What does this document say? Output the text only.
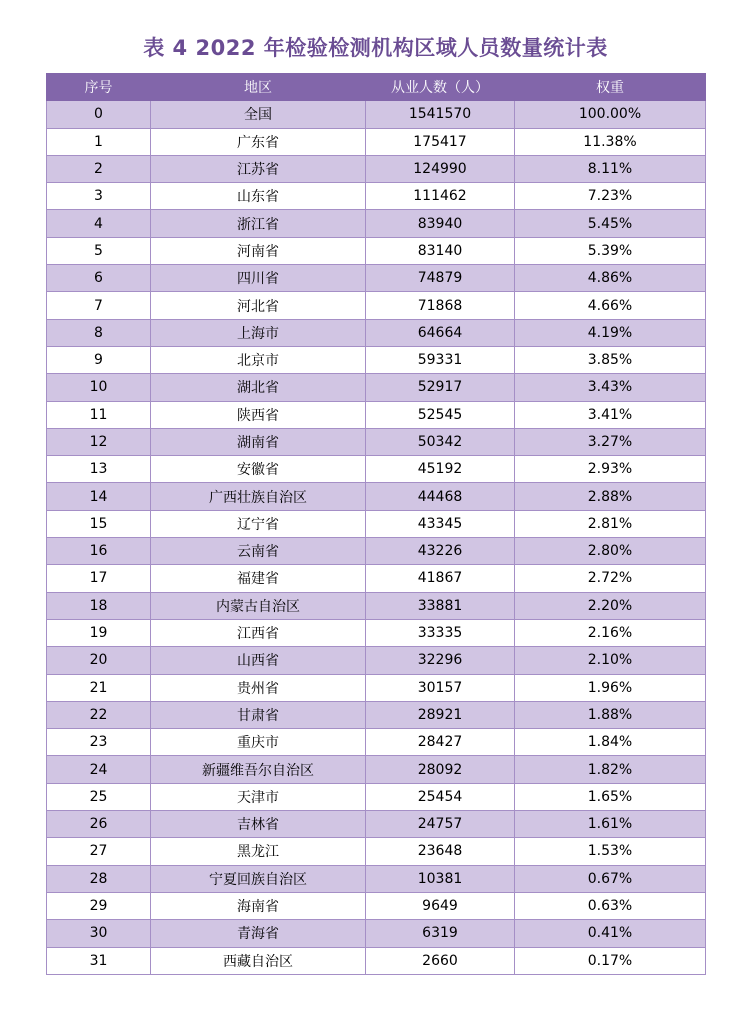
表 4 2022 年检验检测机构区域人员数量统计表
序号	地区	从业人数（人）	权重
0	全国	1541570	100.00%
1	广东省	175417	11.38%
2	江苏省	124990	8.11%
3	山东省	111462	7.23%
4	浙江省	83940	5.45%
5	河南省	83140	5.39%
6	四川省	74879	4.86%
7	河北省	71868	4.66%
8	上海市	64664	4.19%
9	北京市	59331	3.85%
10	湖北省	52917	3.43%
11	陕西省	52545	3.41%
12	湖南省	50342	3.27%
13	安徽省	45192	2.93%
14	广西壮族自治区	44468	2.88%
15	辽宁省	43345	2.81%
16	云南省	43226	2.80%
17	福建省	41867	2.72%
18	内蒙古自治区	33881	2.20%
19	江西省	33335	2.16%
20	山西省	32296	2.10%
21	贵州省	30157	1.96%
22	甘肃省	28921	1.88%
23	重庆市	28427	1.84%
24	新疆维吾尔自治区	28092	1.82%
25	天津市	25454	1.65%
26	吉林省	24757	1.61%
27	黑龙江	23648	1.53%
28	宁夏回族自治区	10381	0.67%
29	海南省	9649	0.63%
30	青海省	6319	0.41%
31	西藏自治区	2660	0.17%
